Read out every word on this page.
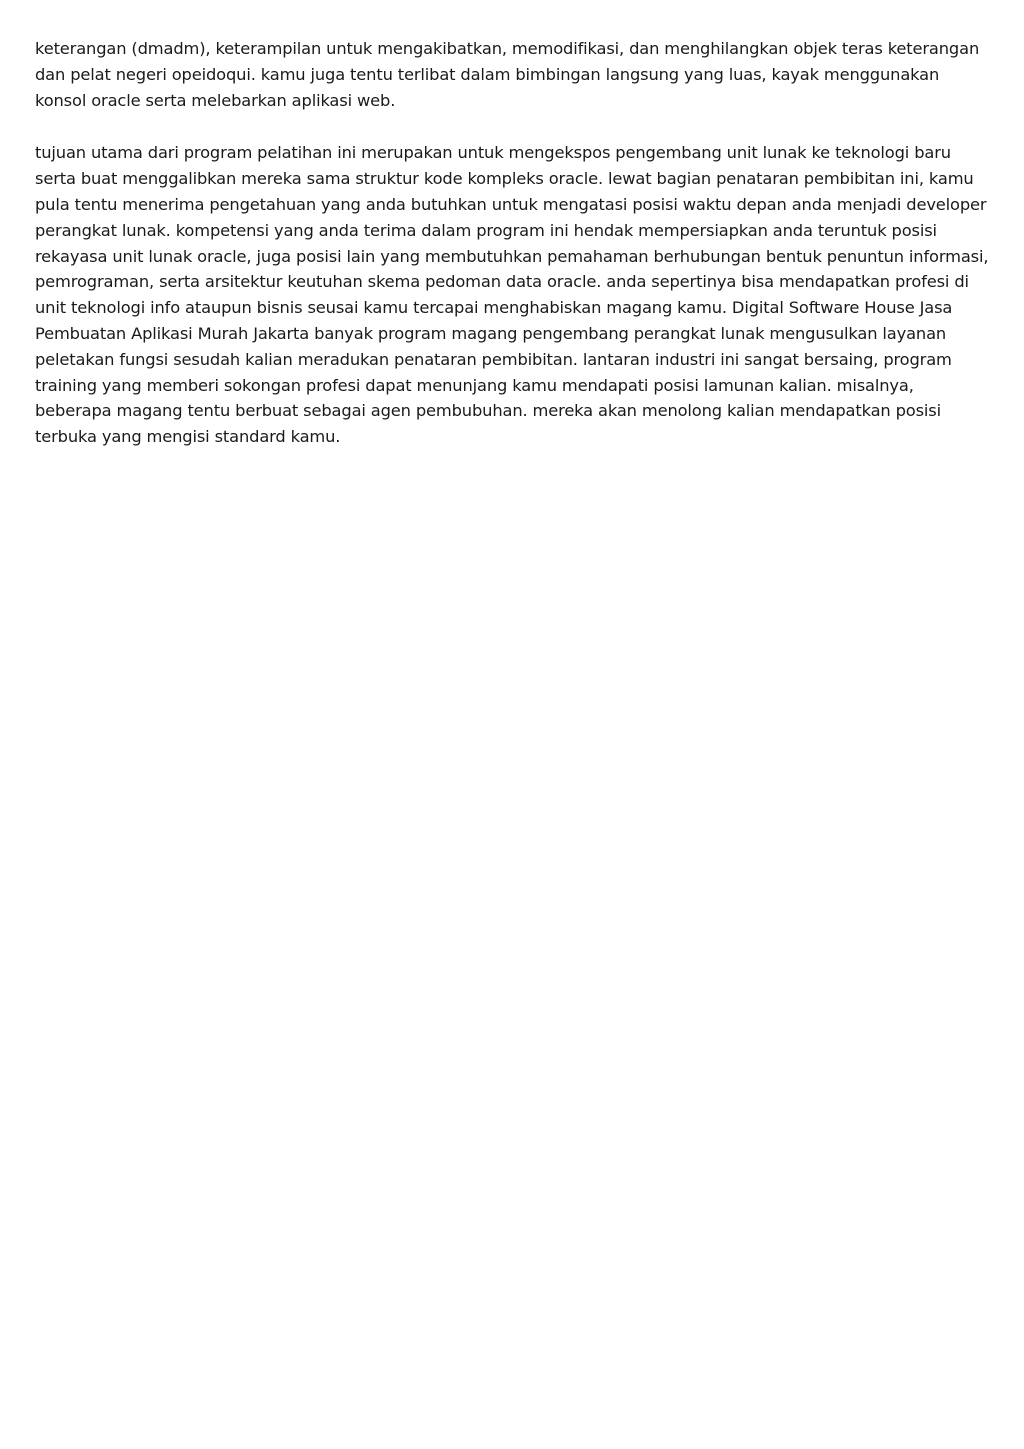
keterangan (dmadm), keterampilan untuk mengakibatkan, memodifikasi, dan menghilangkan objek teras keterangan dan pelat negeri opeidoqui. kamu juga tentu terlibat dalam bimbingan langsung yang luas, kayak menggunakan konsol oracle serta melebarkan aplikasi web.

tujuan utama dari program pelatihan ini merupakan untuk mengekspos pengembang unit lunak ke teknologi baru serta buat menggalibkan mereka sama struktur kode kompleks oracle. lewat bagian penataran pembibitan ini, kamu pula tentu menerima pengetahuan yang anda butuhkan untuk mengatasi posisi waktu depan anda menjadi developer perangkat lunak. kompetensi yang anda terima dalam program ini hendak mempersiapkan anda teruntuk posisi rekayasa unit lunak oracle, juga posisi lain yang membutuhkan pemahaman berhubungan bentuk penuntun informasi, pemrograman, serta arsitektur keutuhan skema pedoman data oracle. anda sepertinya bisa mendapatkan profesi di unit teknologi info ataupun bisnis seusai kamu tercapai menghabiskan magang kamu. Digital Software House Jasa Pembuatan Aplikasi Murah Jakarta banyak program magang pengembang perangkat lunak mengusulkan layanan peletakan fungsi sesudah kalian meradukan penataran pembibitan. lantaran industri ini sangat bersaing, program training yang memberi sokongan profesi dapat menunjang kamu mendapati posisi lamunan kalian. misalnya, beberapa magang tentu berbuat sebagai agen pembubuhan. mereka akan menolong kalian mendapatkan posisi terbuka yang mengisi standard kamu.
